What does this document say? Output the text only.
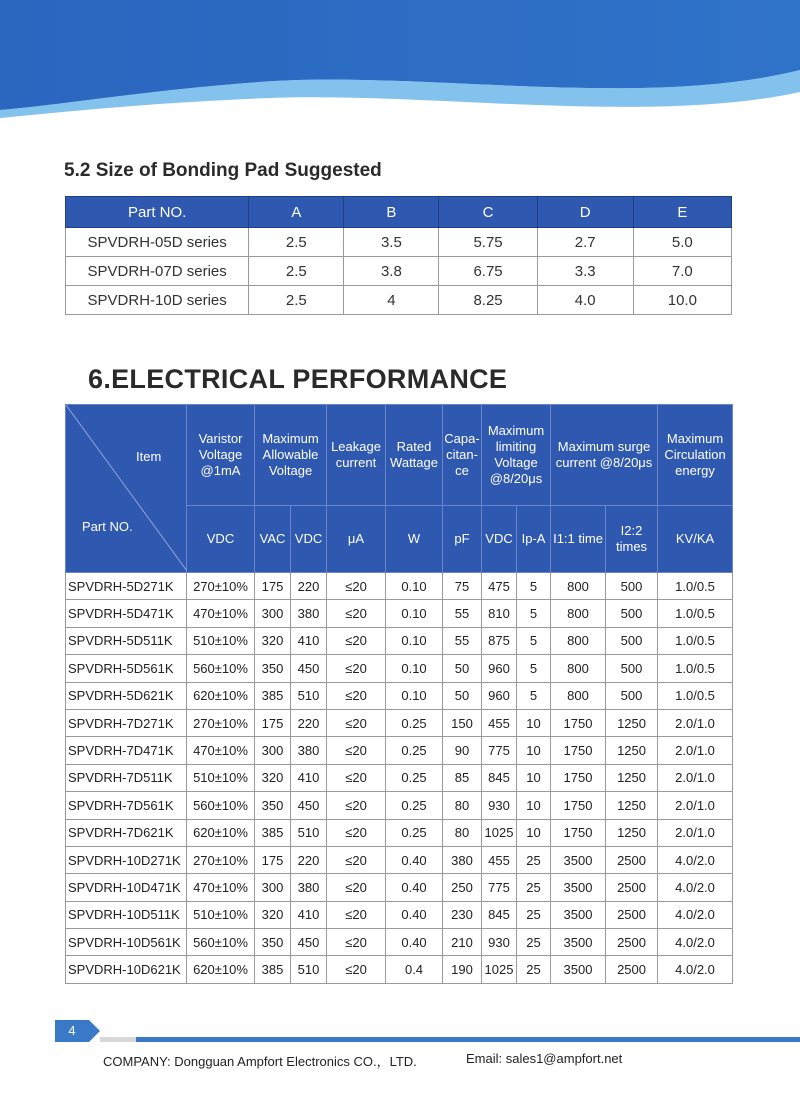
5.2 Size of Bonding Pad Suggested
Part NO.	A	B	C	D	E
SPVDRH-05D series	2.5	3.5	5.75	2.7	5.0
SPVDRH-07D series	2.5	3.8	6.75	3.3	7.0
SPVDRH-10D series	2.5	4	8.25	4.0	10.0
6.ELECTRICAL PERFORMANCE
Item
Part NO.	Varistor Voltage @1mA	Maximum Allowable Voltage		Leakage current	Rated Wattage	Capa- citan- ce	Maximum limiting Voltage @8/20μs		Maximum surge current @8/20μs		Maximum Circulation energy
	VDC	VAC	VDC	μA	W	pF	VDC	Ip-A	I1:1 time	I2:2 times	KV/KA
SPVDRH-5D271K	270±10%	175	220	≤20	0.10	75	475	5	800	500	1.0/0.5
SPVDRH-5D471K	470±10%	300	380	≤20	0.10	55	810	5	800	500	1.0/0.5
SPVDRH-5D511K	510±10%	320	410	≤20	0.10	55	875	5	800	500	1.0/0.5
SPVDRH-5D561K	560±10%	350	450	≤20	0.10	50	960	5	800	500	1.0/0.5
SPVDRH-5D621K	620±10%	385	510	≤20	0.10	50	960	5	800	500	1.0/0.5
SPVDRH-7D271K	270±10%	175	220	≤20	0.25	150	455	10	1750	1250	2.0/1.0
SPVDRH-7D471K	470±10%	300	380	≤20	0.25	90	775	10	1750	1250	2.0/1.0
SPVDRH-7D511K	510±10%	320	410	≤20	0.25	85	845	10	1750	1250	2.0/1.0
SPVDRH-7D561K	560±10%	350	450	≤20	0.25	80	930	10	1750	1250	2.0/1.0
SPVDRH-7D621K	620±10%	385	510	≤20	0.25	80	1025	10	1750	1250	2.0/1.0
SPVDRH-10D271K	270±10%	175	220	≤20	0.40	380	455	25	3500	2500	4.0/2.0
SPVDRH-10D471K	470±10%	300	380	≤20	0.40	250	775	25	3500	2500	4.0/2.0
SPVDRH-10D511K	510±10%	320	410	≤20	0.40	230	845	25	3500	2500	4.0/2.0
SPVDRH-10D561K	560±10%	350	450	≤20	0.40	210	930	25	3500	2500	4.0/2.0
SPVDRH-10D621K	620±10%	385	510	≤20	0.4	190	1025	25	3500	2500	4.0/2.0
4
COMPANY: Dongguan Ampfort Electronics CO.，LTD.	Email: sales1@ampfort.net
